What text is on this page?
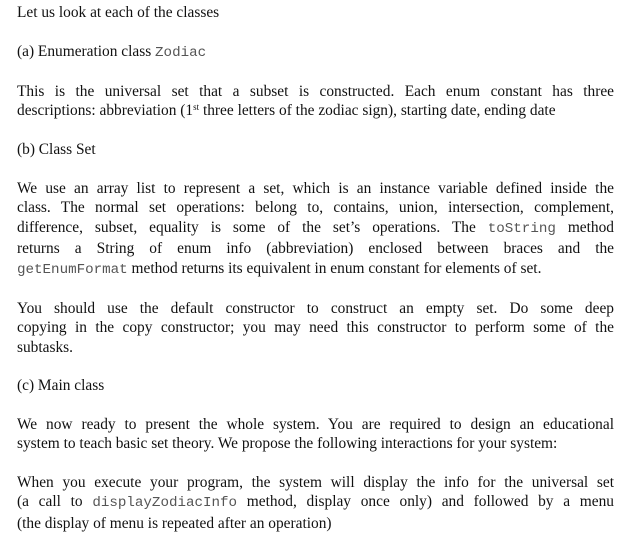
Let us look at each of the classes
(a) Enumeration class Zodiac
This is the universal set that a subset is constructed. Each enum constant has three
descriptions: abbreviation (1st three letters of the zodiac sign), starting date, ending date
(b) Class Set
We use an array list to represent a set, which is an instance variable defined inside the
class. The normal set operations: belong to, contains, union, intersection, complement,
difference, subset, equality is some of the set’s operations. The toString method
returns a String of enum info (abbreviation) enclosed between braces and the
getEnumFormat method returns its equivalent in enum constant for elements of set.
You should use the default constructor to construct an empty set. Do some deep
copying in the copy constructor; you may need this constructor to perform some of the
subtasks.
(c) Main class
We now ready to present the whole system. You are required to design an educational
system to teach basic set theory. We propose the following interactions for your system:
When you execute your program, the system will display the info for the universal set
(a call to displayZodiacInfo method, display once only) and followed by a menu
(the display of menu is repeated after an operation)
